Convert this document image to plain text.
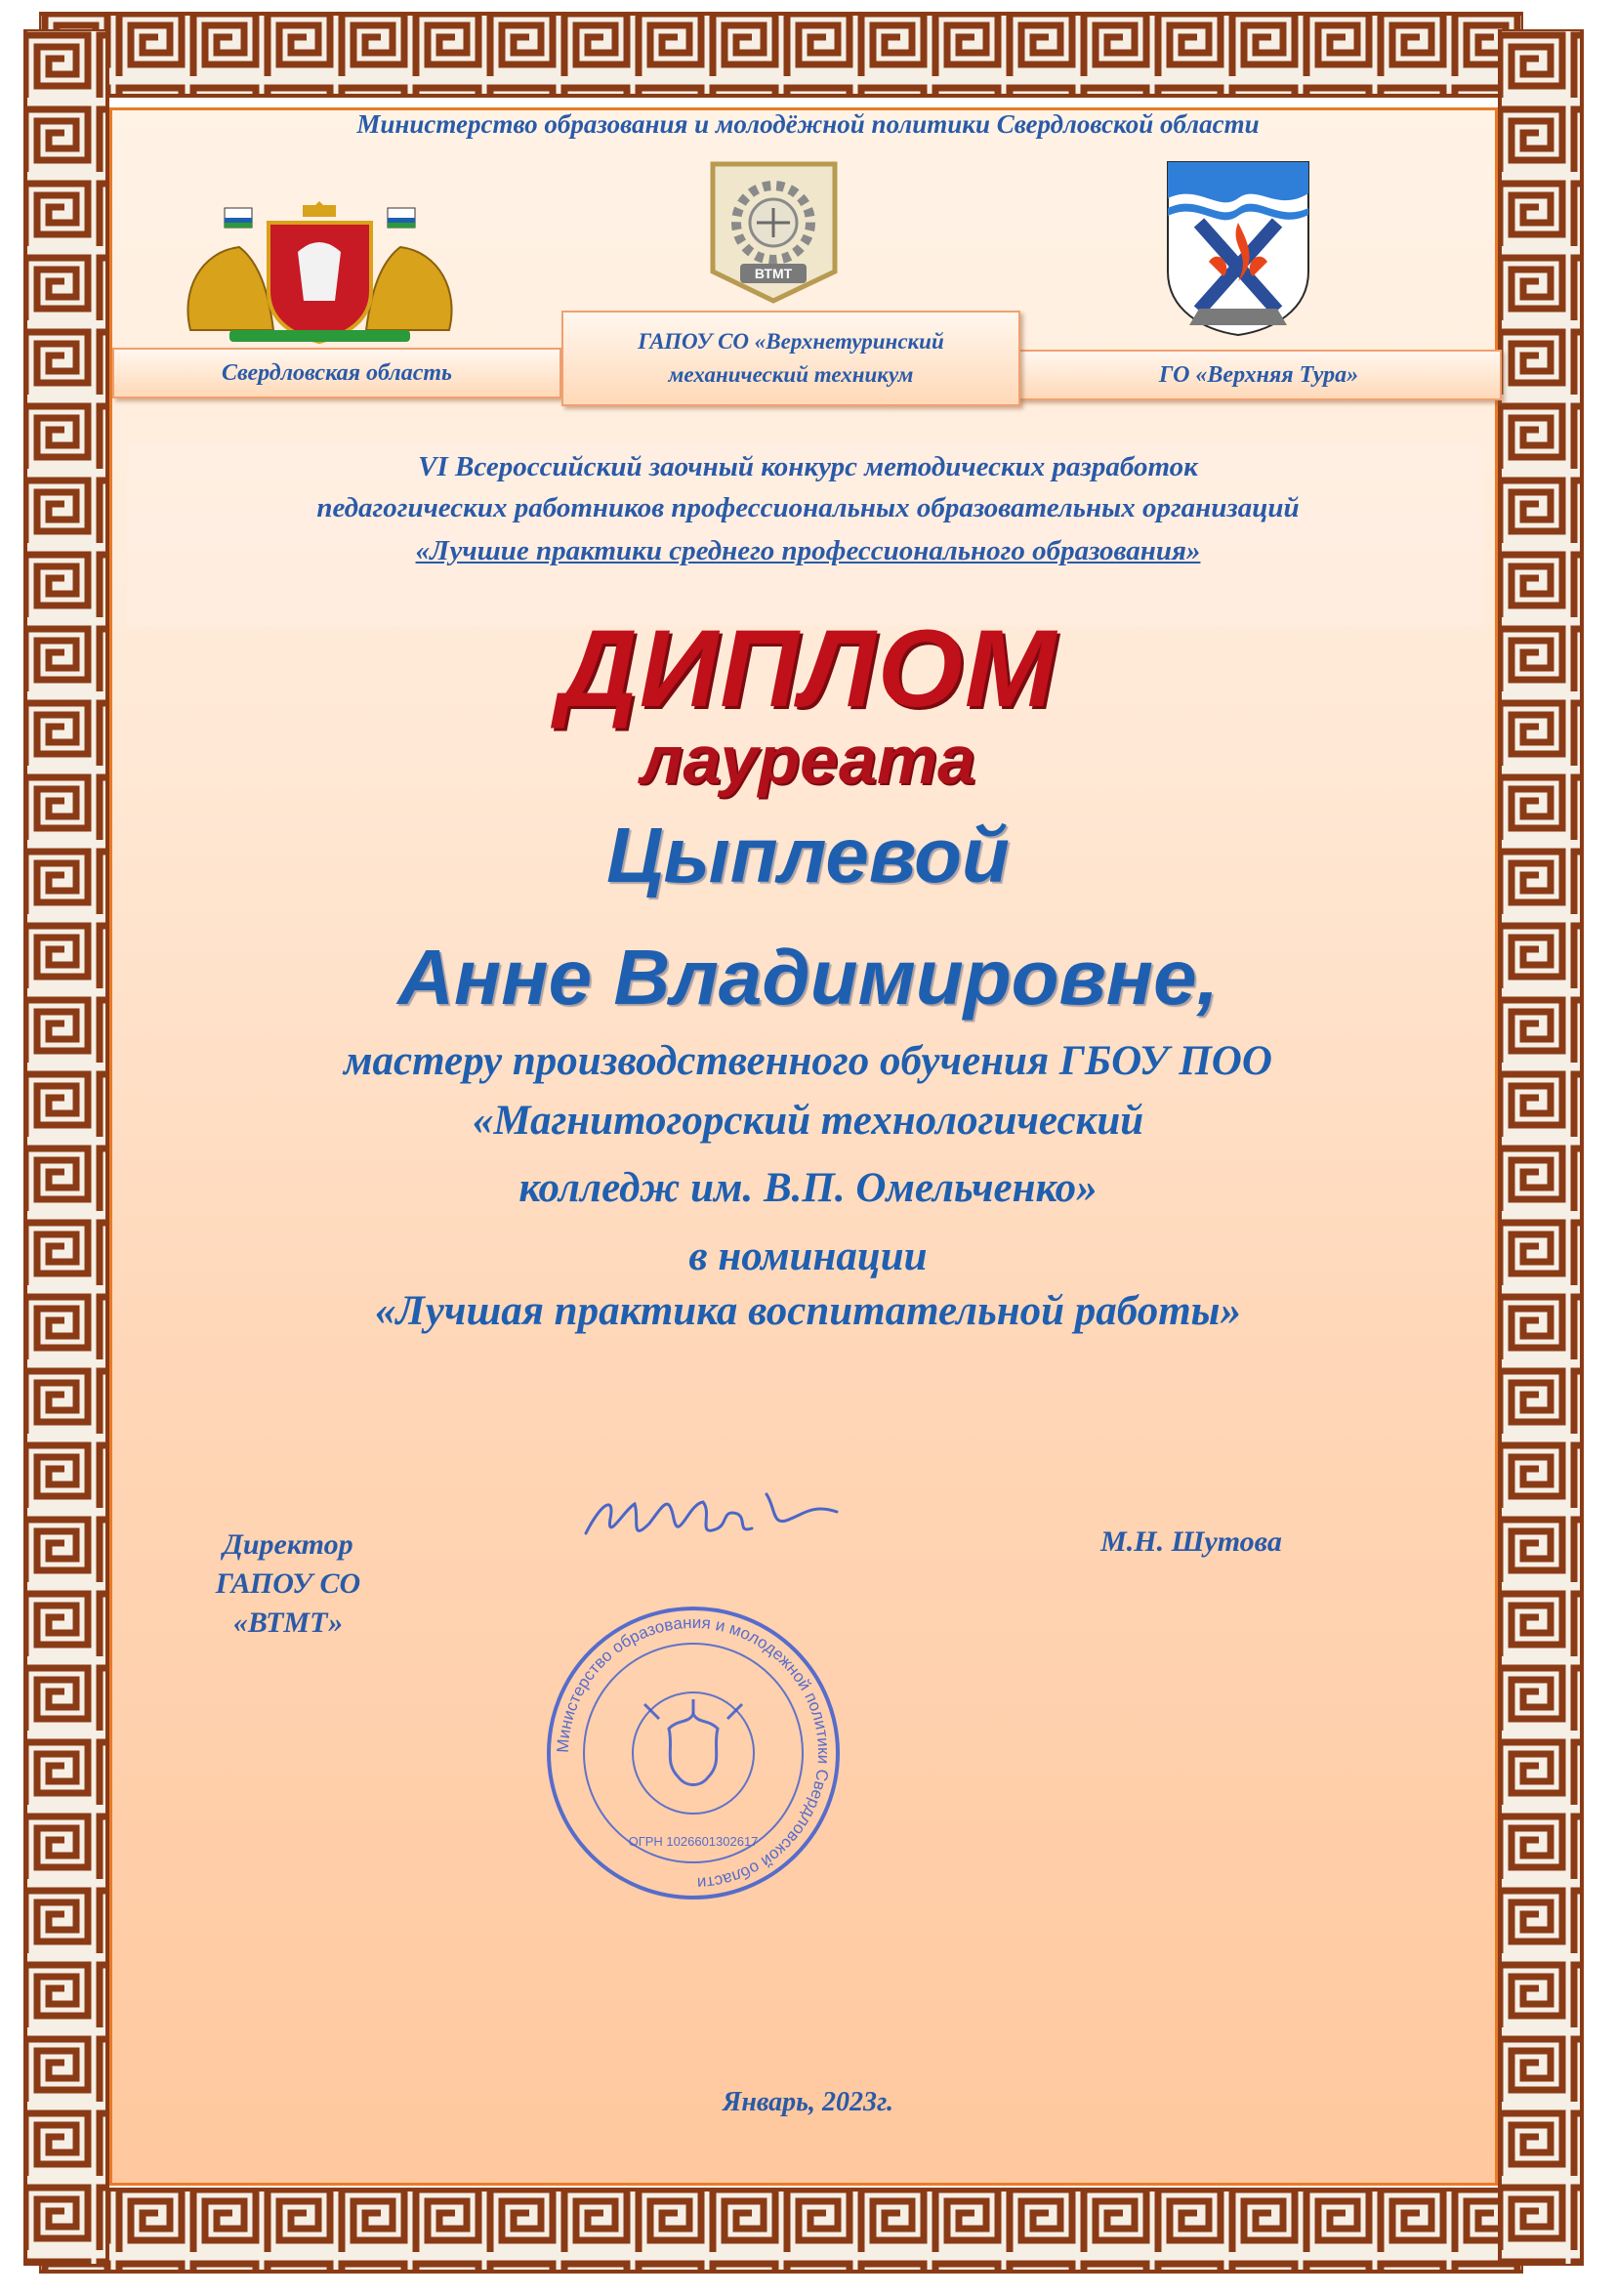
Министерство образования и молодёжной политики Свердловской области
ВТМТ
Свердловская область	ГО «Верхняя Тура»
ГАПОУ СО «Верхнетуринский
механический техникум
VI Всероссийский заочный конкурс методических разработок
педагогических работников профессиональных образовательных организаций
«Лучшие практики среднего профессионального образования»
ДИПЛОМ
лауреата
Цыплевой
Анне Владимировне,
мастеру производственного обучения ГБОУ ПОО
«Магнитогорский технологический
колледж им. В.П. Омельченко»
в номинации
«Лучшая практика воспитательной работы»
Директор
ГАПОУ СО
«ВТМТ»
М.Н. Шутова
Министерство образования и молодежной политики Свердловской области
ОГРН 1026601302617
Январь, 2023г.
